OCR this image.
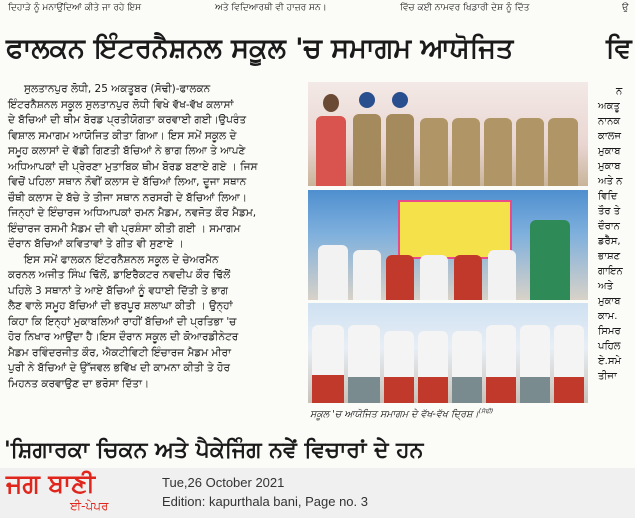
ਦਿਹਾੜੇ ਨੂੰ ਮਨਾਉਂਦਿਆਂ ਕੀਤੇ ਜਾ ਰਹੇ ਇਸ	ਅਤੇ ਵਿਦਿਆਰਥੀ ਵੀ ਹਾਜ਼ਰ ਸਨ।	ਵਿੱਚ ਕਈ ਨਾਮਵਰ ਖਿਡਾਰੀ ਦੇਸ਼ ਨੂੰ ਦਿੱਤ	ਉ
ਫਾਲਕਨ ਇੰਟਰਨੈਸ਼ਨਲ ਸਕੂਲ 'ਚ ਸਮਾਗਮ ਆਯੋਜਿਤ	ਵਿ
ਸੁਲਤਾਨਪੁਰ ਲੋਧੀ, 25 ਅਕਤੂਬਰ (ਸੋਢੀ)-ਫਾਲਕਨ
ਇੰਟਰਨੈਸ਼ਨਲ ਸਕੂਲ ਸੁਲਤਾਨਪੁਰ ਲੋਧੀ ਵਿਖੇ ਵੱਖ-ਵੱਖ ਕਲਾਸਾਂ
ਦੇ ਬੱਚਿਆਂ ਦੀ ਥੀਮ ਬੋਰਡ ਪ੍ਰਤੀਯੋਗਤਾ ਕਰਵਾਈ ਗਈ।ਉਪਰੰਤ
ਵਿਸ਼ਾਲ ਸਮਾਗਮ ਆਯੋਜਿਤ ਕੀਤਾ ਗਿਆ। ਇਸ ਸਮੇਂ ਸਕੂਲ ਦੇ
ਸਮੂਹ ਕਲਾਸਾਂ ਦੇ ਵੱਡੀ ਗਿਣਤੀ ਬੱਚਿਆਂ ਨੇ ਭਾਗ ਲਿਆ ਤੇ ਆਪਣੇ
ਅਧਿਆਪਕਾਂ ਦੀ ਪ੍ਰੇਰਣਾ ਮੁਤਾਬਿਕ ਥੀਮ ਬੋਰਡ ਬਣਾਏ ਗਏ । ਜਿਸ
ਵਿਚੋਂ ਪਹਿਲਾ ਸਥਾਨ ਨੌਵੀਂ ਕਲਾਸ ਦੇ ਬੱਚਿਆਂ ਲਿਆ, ਦੂਜਾ ਸਥਾਨ
ਚੌਥੀ ਕਲਾਸ ਦੇ ਬੱਚੇ ਤੇ ਤੀਜਾ ਸਥਾਨ ਨਰਸਰੀ ਦੇ ਬੱਚਿਆਂ ਲਿਆ।
ਜਿਨ੍ਹਾਂ ਦੇ ਇੰਚਾਰਜ ਅਧਿਆਪਕਾਂ ਰਮਨ ਮੈਡਮ, ਨਵਜੋਤ ਕੌਰ ਮੈਡਮ,
ਇੰਚਾਰਜ ਰਸਮੀ ਮੈਡਮ ਦੀ ਵੀ ਪ੍ਰਸ਼ੰਸਾ ਕੀਤੀ ਗਈ । ਸਮਾਗਮ
ਦੌਰਾਨ ਬੱਚਿਆਂ ਕਵਿਤਾਵਾਂ ਤੇ ਗੀਤ ਵੀ ਸੁਣਾਏ ।
ਇਸ ਸਮੇਂ ਫਾਲਕਨ ਇੰਟਰਨੈਸ਼ਨਲ ਸਕੂਲ ਦੇ ਚੇਅਰਮੈਨ
ਕਰਨਲ ਅਜੀਤ ਸਿੰਘ ਢਿੱਲੋਂ, ਡਾਇਰੈਕਟਰ ਨਵਦੀਪ ਕੌਰ ਢਿੱਲੋਂ
ਪਹਿਲੇ 3 ਸਥਾਨਾਂ ਤੇ ਆਏ ਬੱਚਿਆਂ ਨੂੰ ਵਧਾਈ ਦਿੱਤੀ ਤੇ ਭਾਗ
ਲੈਣ ਵਾਲੇ ਸਮੂਹ ਬੱਚਿਆਂ ਦੀ ਭਰਪੂਰ ਸ਼ਲਾਘਾ ਕੀਤੀ । ਉਨ੍ਹਾਂ
ਕਿਹਾ ਕਿ ਇਨ੍ਹਾਂ ਮੁਕਾਬਲਿਆਂ ਰਾਹੀਂ ਬੱਚਿਆਂ ਦੀ ਪ੍ਰਤਿਭਾ 'ਚ
ਹੋਰ ਨਿਖਾਰ ਆਉਂਦਾ ਹੈ।ਇਸ ਦੌਰਾਨ ਸਕੂਲ ਦੀ ਕੋਆਰਡੀਨੇਟਰ
ਮੈਡਮ ਰਵਿੰਦਰਜੀਤ ਕੌਰ, ਐਕਟੀਵਿਟੀ ਇੰਚਾਰਜ ਮੈਡਮ ਮੀਰਾ
ਪੁਰੀ ਨੇ ਬੱਚਿਆਂ ਦੇ ਉੱਜਵਲ ਭਵਿੱਖ ਦੀ ਕਾਮਨਾ ਕੀਤੀ ਤੇ ਹੋਰ
ਮਿਹਨਤ ਕਰਵਾਉਣ ਦਾ ਭਰੋਸਾ ਦਿੱਤਾ।
ਸਕੂਲ 'ਚ ਆਯੋਜਿਤ ਸਮਾਗਮ ਦੇ ਵੱਖ-ਵੱਖ ਦ੍ਰਿਸ਼।$^{(ਸੋਢੀ)}$
ਨ
ਅਕਤੂ
ਨਾਨਕ
ਕਾਲਜ
ਮੁਕਾਬ
ਮੁਕਾਬ
ਅਤੇ ਨ
ਵਿਦਿ
ਤੌਰ ਤੇ
ਦੌਰਾਨ
ਡਰੈੱਸ,
ਭਾਸ਼ਣ
ਗਾਇਨ
ਅਤੇ
ਮੁਕਾਬ
ਕਾਮ.
ਸਿਮਰ
ਪਹਿਲ
ਏ.ਸਮੇ
ਤੀਜਾ
'ਸ਼ਿਗਾਰਕਾ ਚਿਕਨ ਅਤੇ ਪੈਕੇਜਿੰਗ ਨਵੇਂ ਵਿਚਾਰਾਂ ਦੇ ਹਨ
ਜਗ ਬਾਣੀ
ਈ-ਪੇਪਰ
Tue,26 October 2021
Edition: kapurthala bani, Page no. 3
